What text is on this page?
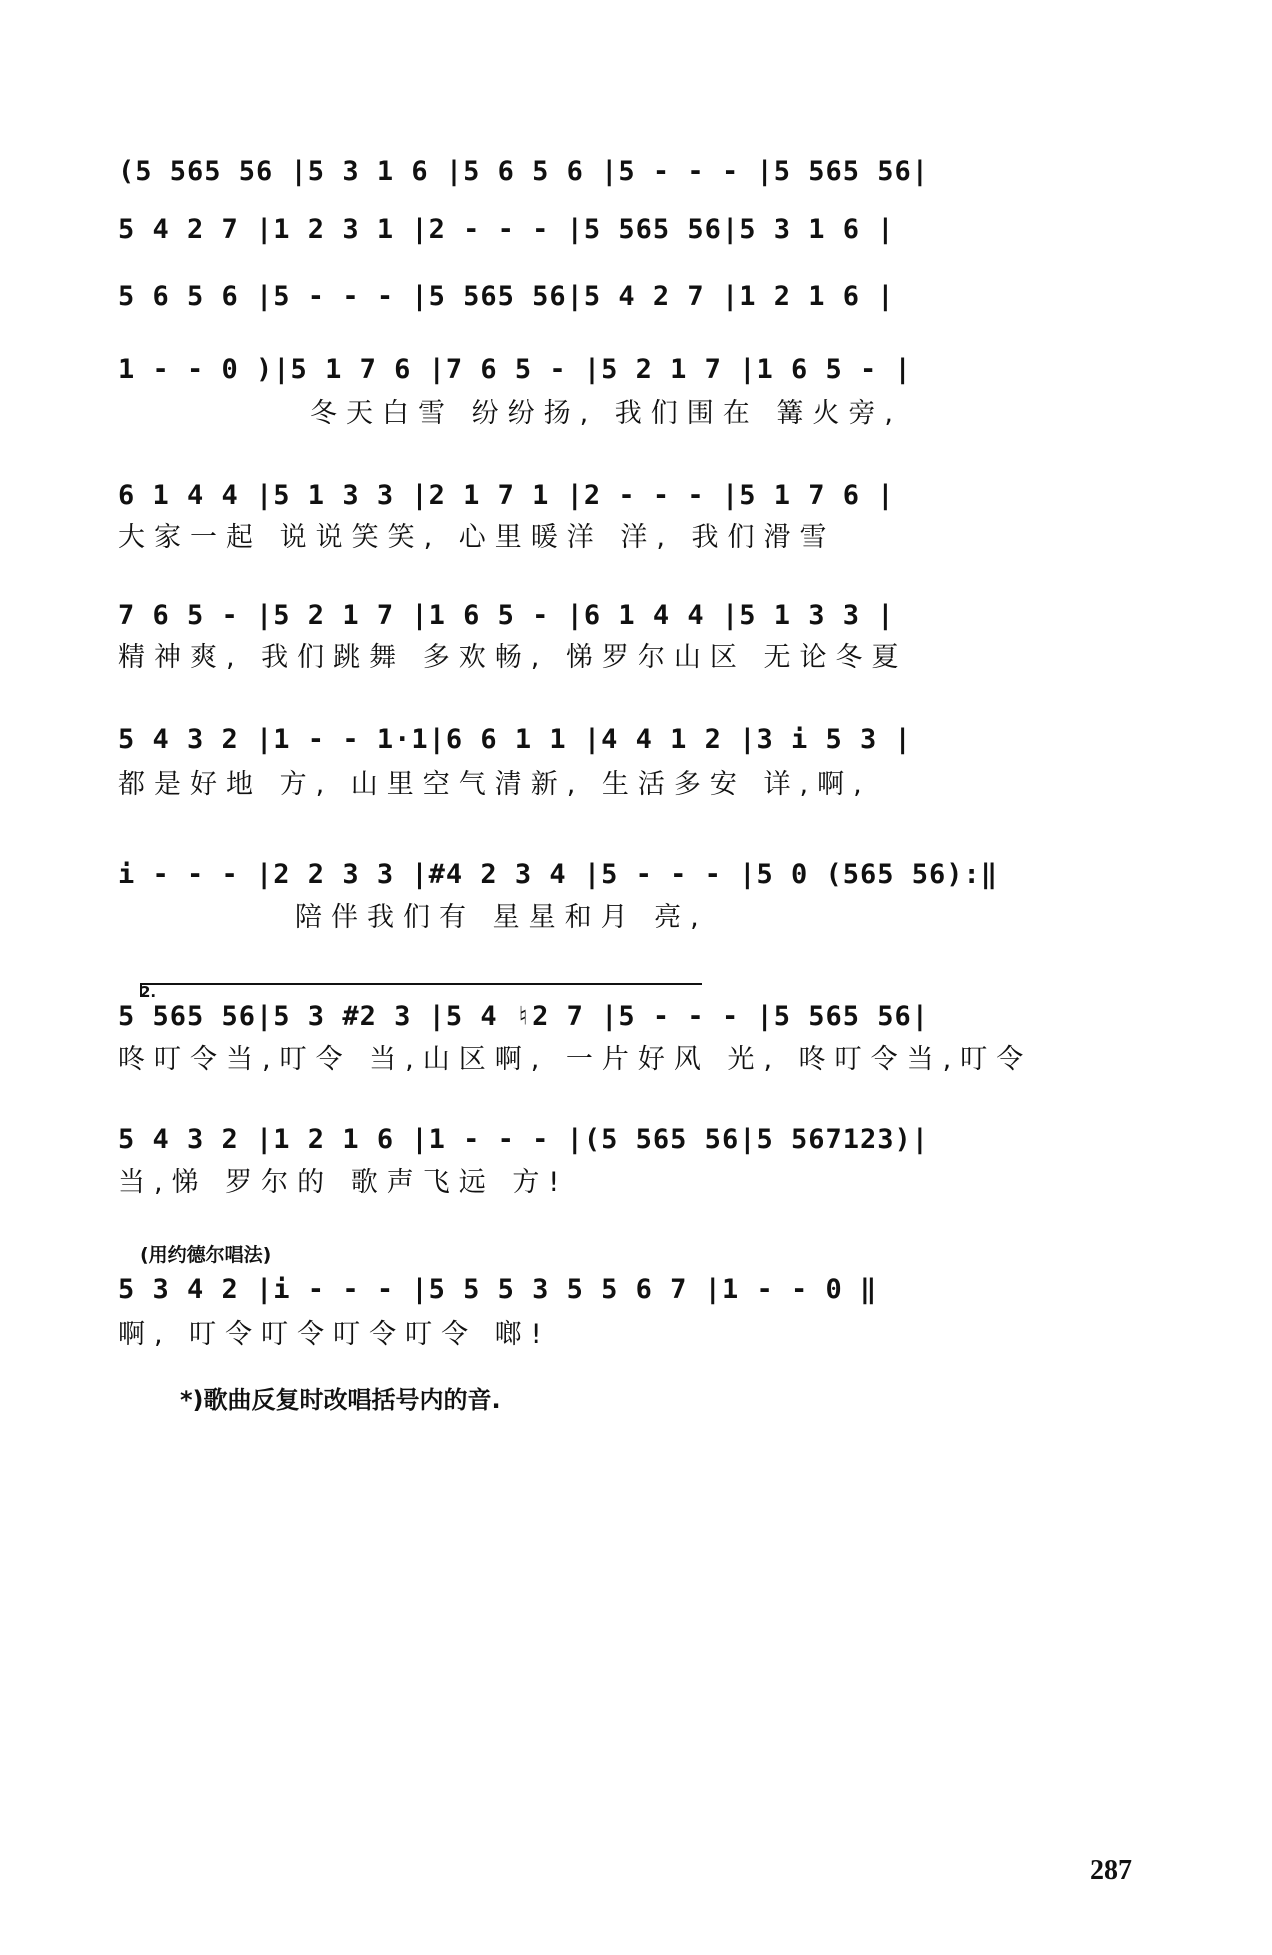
(5 565 56 |5 3 1 6 |5 6 5 6 |5 - - - |5 565 56|
5 4 2 7 |1 2 3 1 |2 - - - |5 565 56|5 3 1 6 |
5 6 5 6 |5 - - - |5 565 56|5 4 2 7 |1 2 1 6 |
1 - - 0 )|5 1 7 6 |7 6 5 - |5 2 1 7 |1 6 5 - |
冬天白雪 纷纷扬, 我们围在 篝火旁,
6 1 4 4 |5 1 3 3 |2 1 7 1 |2 - - - |5 1 7 6 |
大家一起 说说笑笑, 心里暖洋 洋, 我们滑雪
7 6 5 - |5 2 1 7 |1 6 5 - |6 1 4 4 |5 1 3 3 |
精神爽, 我们跳舞 多欢畅, 悌罗尔山区 无论冬夏
5 4 3 2 |1 - - 1·1|6 6 1 1 |4 4 1 2 |3 i 5 3 |
都是好地 方, 山里空气清新, 生活多安 详,啊,
i - - - |2 2 3 3 |#4 2 3 4 |5 - - - |5 0 (565 56):‖
陪伴我们有 星星和月 亮,
2.
5 565 56|5 3 #2 3 |5 4 ♮2 7 |5 - - - |5 565 56|
咚叮令当,叮令 当,山区啊, 一片好风 光, 咚叮令当,叮令
5 4 3 2 |1 2 1 6 |1 - - - |(5 565 56|5 567123)|
当,悌 罗尔的 歌声飞远 方!
(用约德尔唱法)
5 3 4 2 |i - - - |5 5 5 3 5 5 6 7 |1 - - 0 ‖
啊, 叮令叮令叮令叮令 啷!
*)歌曲反复时改唱括号内的音.
287
